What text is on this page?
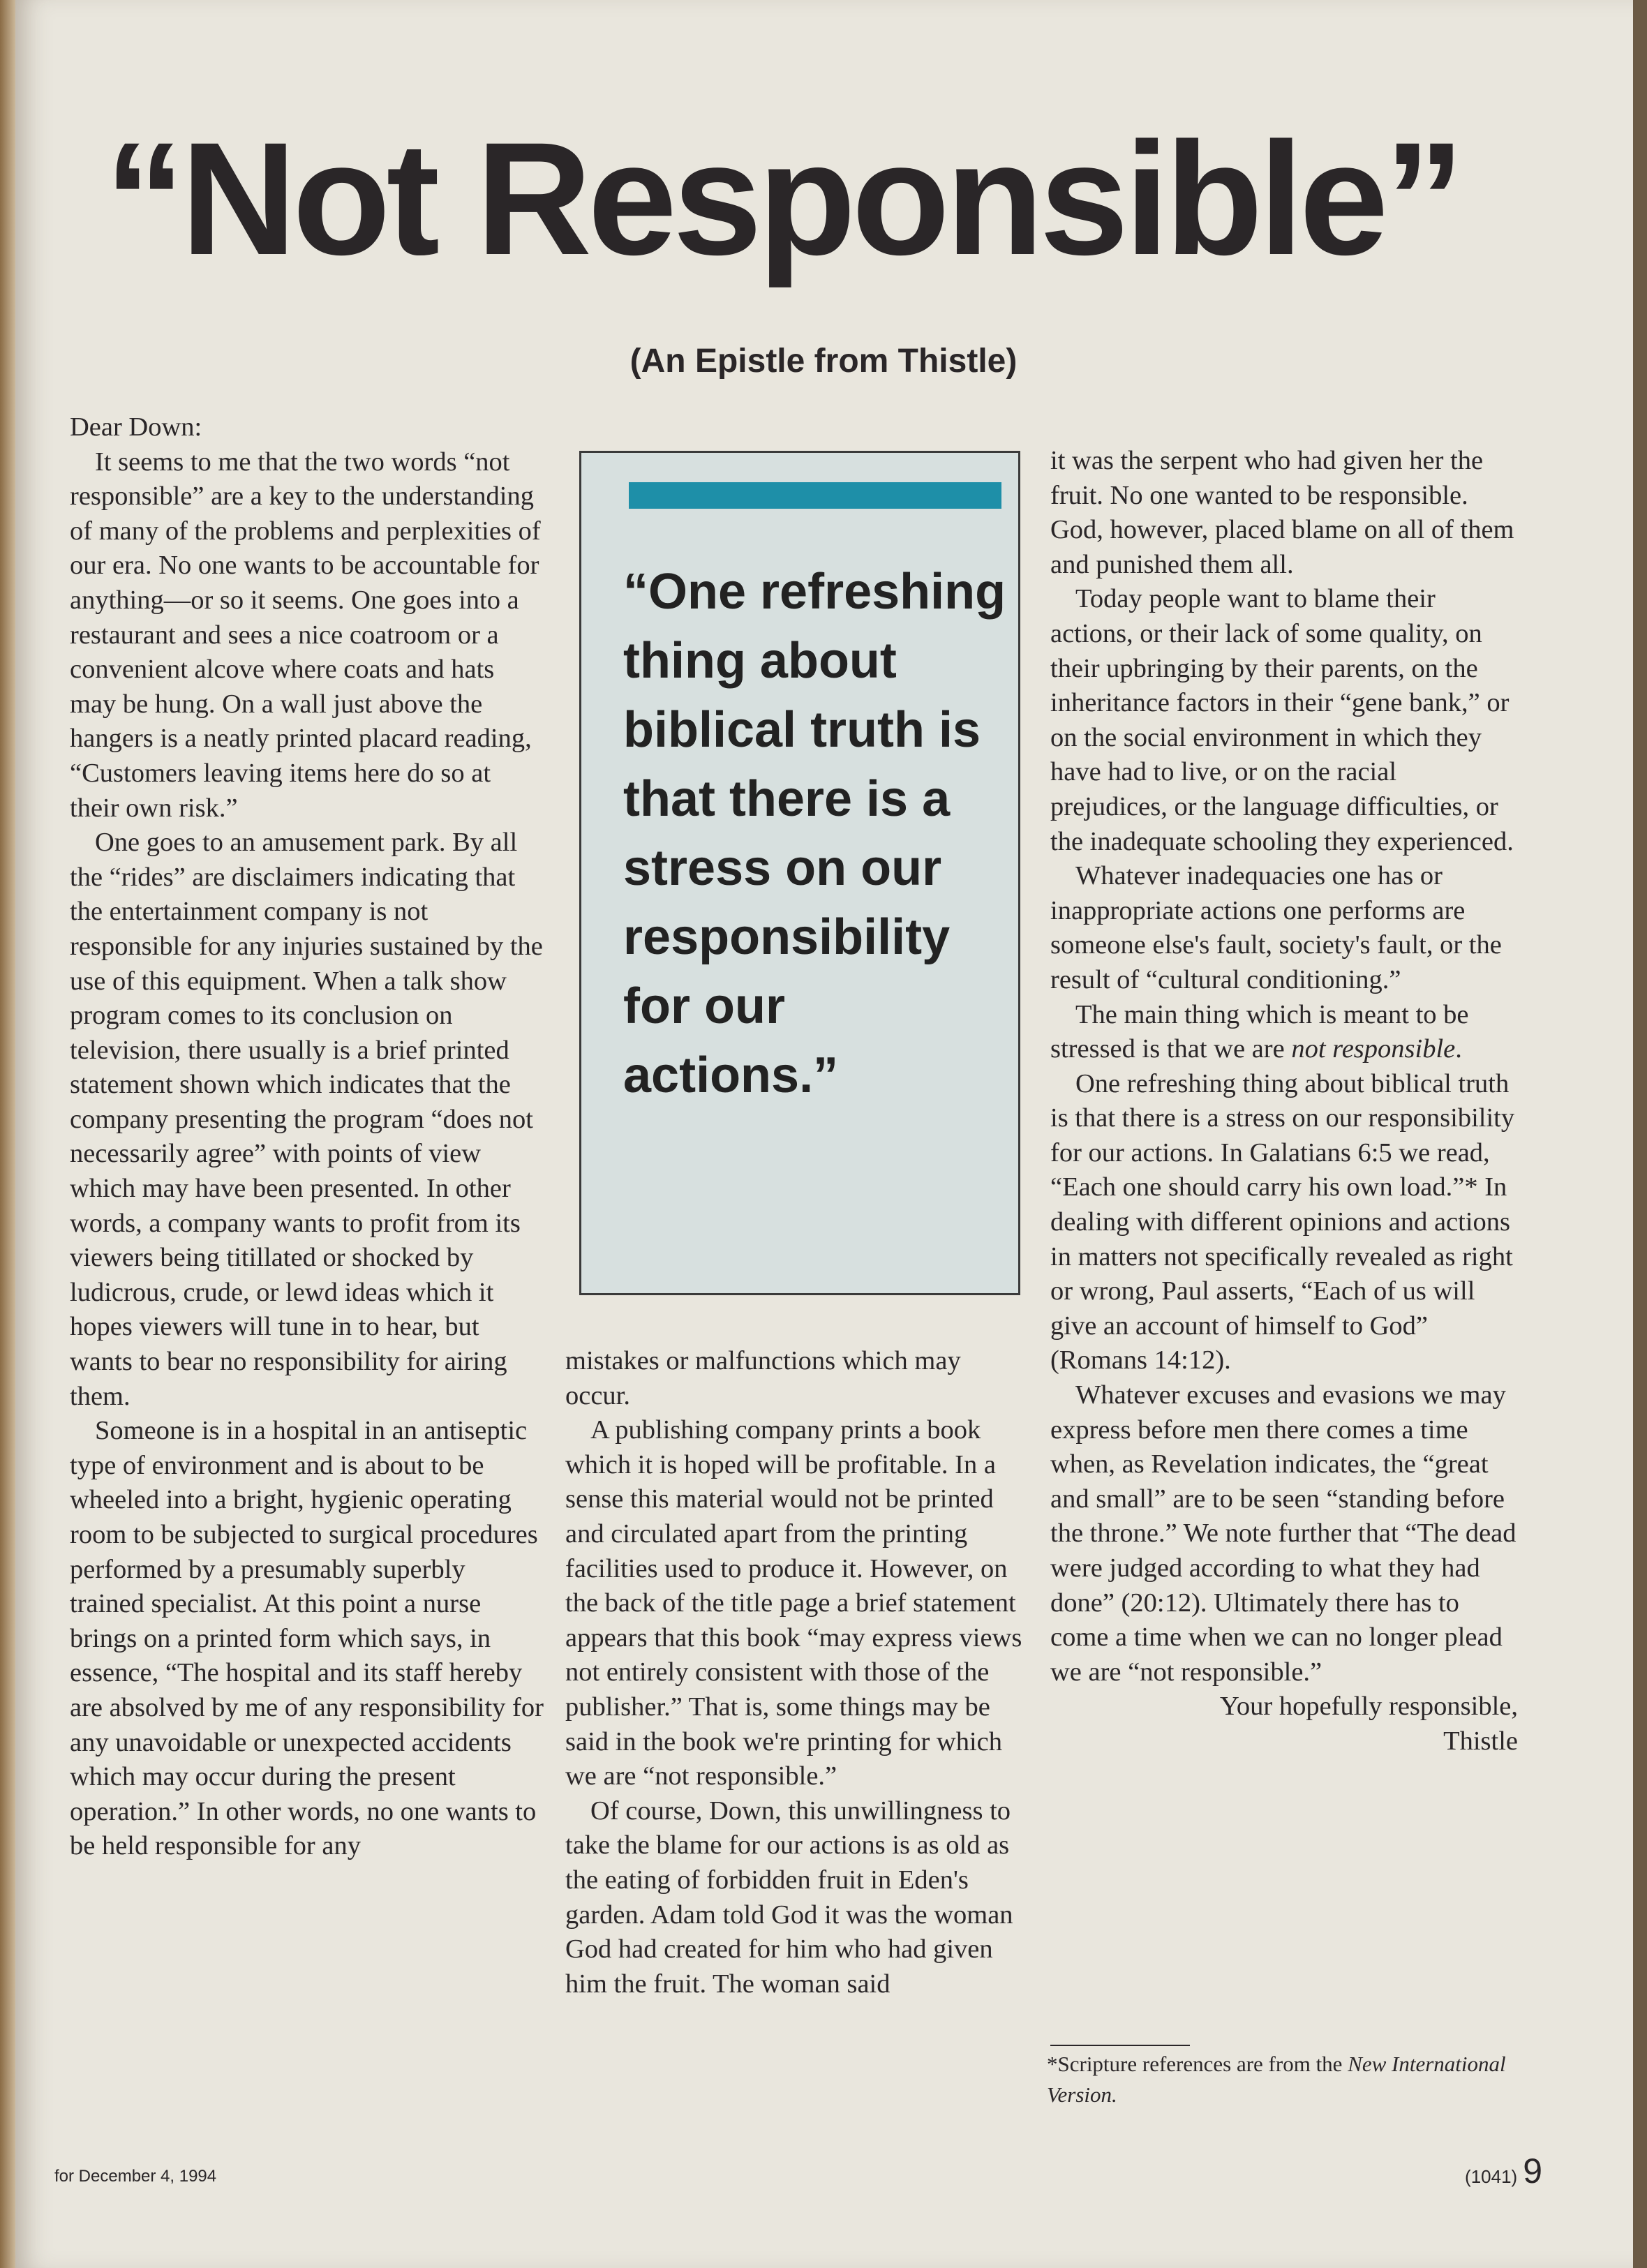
“Not Responsible”
(An Epistle from Thistle)

Dear Down:

It seems to me that the two words “not responsible” are a key to the understanding of many of the problems and perplexities of our era. No one wants to be accountable for anything—or so it seems. One goes into a restaurant and sees a nice coatroom or a convenient alcove where coats and hats may be hung. On a wall just above the hangers is a neatly printed placard reading, “Customers leaving items here do so at their own risk.”

One goes to an amusement park. By all the “rides” are disclaimers indicating that the entertainment company is not responsible for any injuries sustained by the use of this equipment. When a talk show program comes to its conclusion on television, there usually is a brief printed statement shown which indicates that the company presenting the program “does not necessarily agree” with points of view which may have been presented. In other words, a company wants to profit from its viewers being titillated or shocked by ludicrous, crude, or lewd ideas which it hopes viewers will tune in to hear, but wants to bear no responsibility for airing them.

Someone is in a hospital in an antiseptic type of environment and is about to be wheeled into a bright, hygienic operating room to be subjected to surgical procedures performed by a presumably superbly trained specialist. At this point a nurse brings on a printed form which says, in essence, “The hospital and its staff hereby are absolved by me of any responsibility for any unavoidable or unexpected accidents which may occur during the present operation.” In other words, no one wants to be held responsible for any

“One refreshing thing about biblical truth is that there is a stress on our responsibility for our actions.”

mistakes or malfunctions which may occur.

A publishing company prints a book which it is hoped will be profitable. In a sense this material would not be printed and circulated apart from the printing facilities used to produce it. However, on the back of the title page a brief statement appears that this book “may express views not entirely consistent with those of the publisher.” That is, some things may be said in the book we're printing for which we are “not responsible.”

Of course, Down, this unwillingness to take the blame for our actions is as old as the eating of forbidden fruit in Eden's garden. Adam told God it was the woman God had created for him who had given him the fruit. The woman said

it was the serpent who had given her the fruit. No one wanted to be responsible. God, however, placed blame on all of them and punished them all.

Today people want to blame their actions, or their lack of some quality, on their upbringing by their parents, on the inheritance factors in their “gene bank,” or on the social environment in which they have had to live, or on the racial prejudices, or the language difficulties, or the inadequate schooling they experienced.

Whatever inadequacies one has or inappropriate actions one performs are someone else's fault, society's fault, or the result of “cultural conditioning.”

The main thing which is meant to be stressed is that we are not responsible.

One refreshing thing about biblical truth is that there is a stress on our responsibility for our actions. In Galatians 6:5 we read, “Each one should carry his own load.”* In dealing with different opinions and actions in matters not specifically revealed as right or wrong, Paul asserts, “Each of us will give an account of himself to God” (Romans 14:12).

Whatever excuses and evasions we may express before men there comes a time when, as Revelation indicates, the “great and small” are to be seen “standing before the throne.” We note further that “The dead were judged according to what they had done” (20:12). Ultimately there has to come a time when we can no longer plead we are “not responsible.”

Your hopefully responsible,

Thistle

*Scripture references are from the New International Version.
for December 4, 1994	(1041) 9
